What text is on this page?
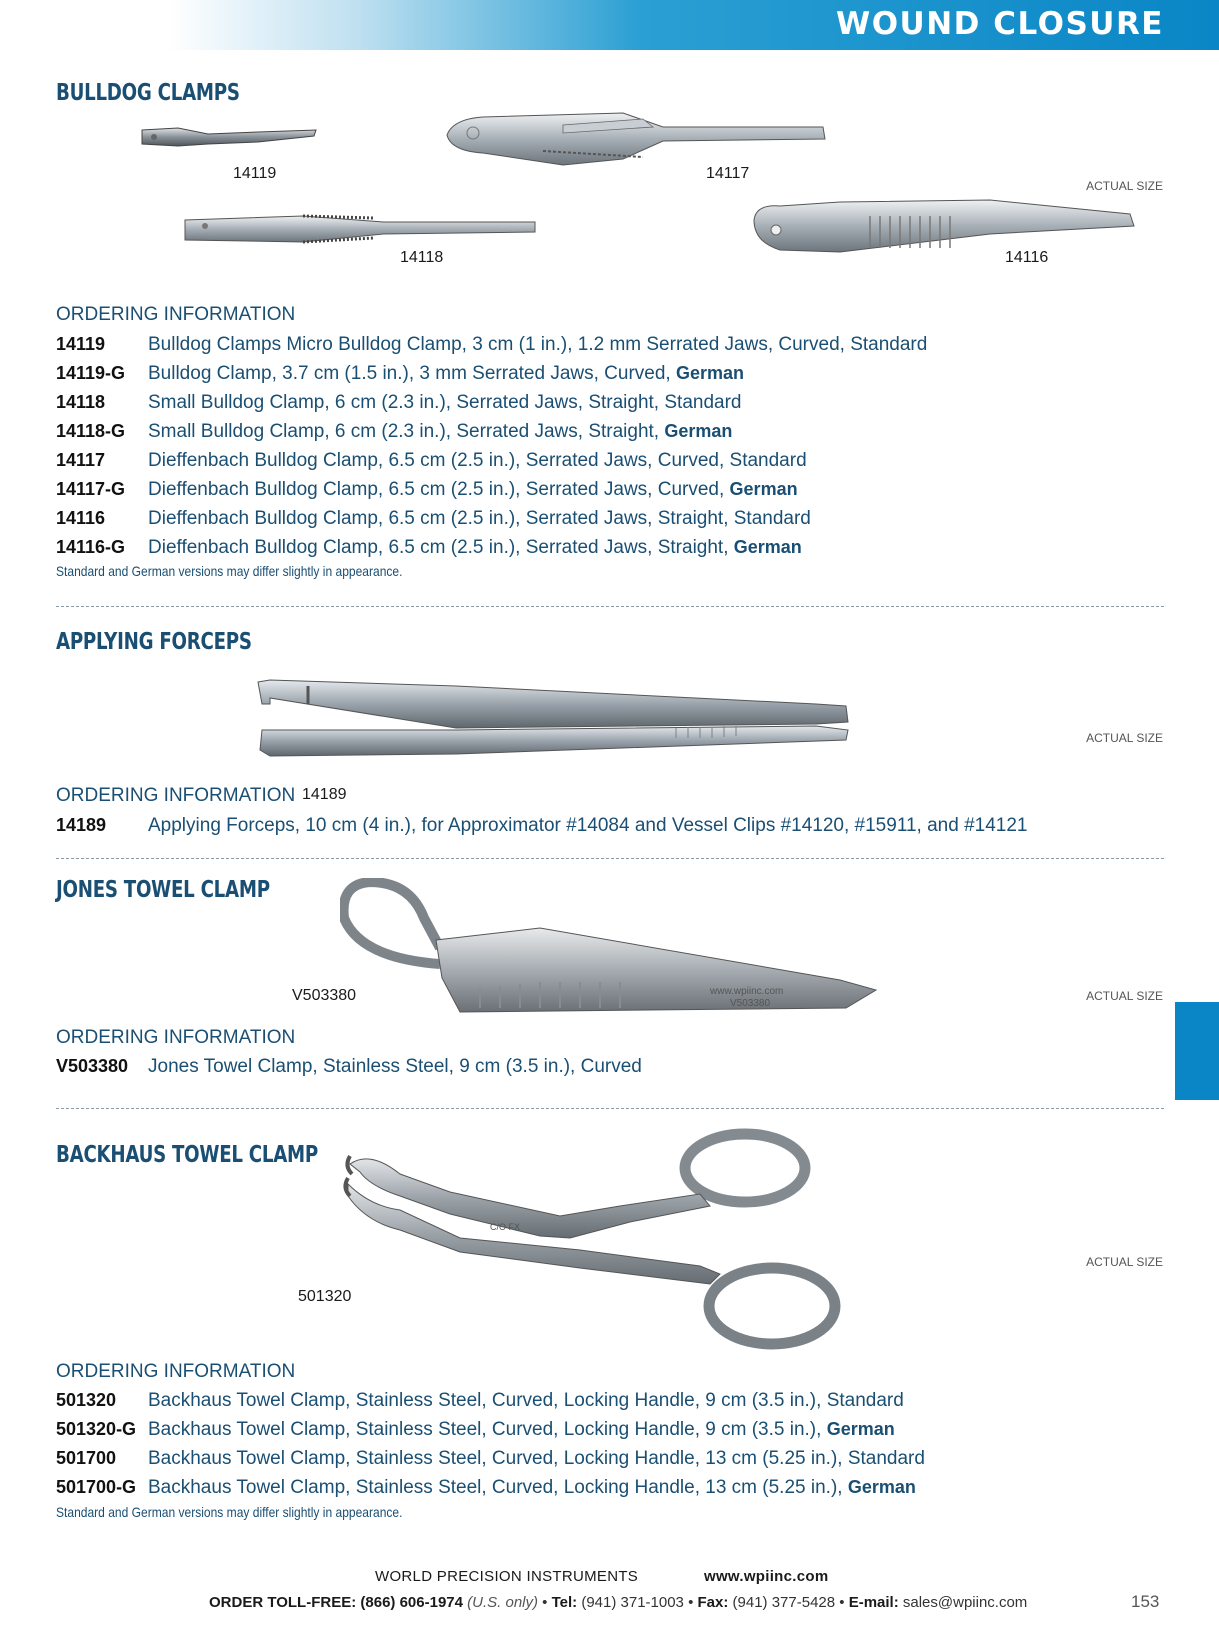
WOUND CLOSURE
BULLDOG CLAMPS
14119	14117
14118	14116
ACTUAL SIZE
ORDERING INFORMATION
14119 Bulldog Clamps Micro Bulldog Clamp, 3 cm (1 in.), 1.2 mm Serrated Jaws, Curved, Standard
14119-G Bulldog Clamp, 3.7 cm (1.5 in.), 3 mm Serrated Jaws, Curved, German
14118 Small Bulldog Clamp, 6 cm (2.3 in.), Serrated Jaws, Straight, Standard
14118-G Small Bulldog Clamp, 6 cm (2.3 in.), Serrated Jaws, Straight, German
14117 Dieffenbach Bulldog Clamp, 6.5 cm (2.5 in.), Serrated Jaws, Curved, Standard
14117-G Dieffenbach Bulldog Clamp, 6.5 cm (2.5 in.), Serrated Jaws, Curved, German
14116 Dieffenbach Bulldog Clamp, 6.5 cm (2.5 in.), Serrated Jaws, Straight, Standard
14116-G Dieffenbach Bulldog Clamp, 6.5 cm (2.5 in.), Serrated Jaws, Straight, German
Standard and German versions may differ slightly in appearance.
APPLYING FORCEPS
ACTUAL SIZE
ORDERING INFORMATION 14189
14189 Applying Forceps, 10 cm (4 in.), for Approximator #14084 and Vessel Clips #14120, #15911, and #14121
JONES TOWEL CLAMP
www.wpiinc.com
V503380
V503380	ACTUAL SIZE
ORDERING INFORMATION
V503380 Jones Towel Clamp, Stainless Steel, 9 cm (3.5 in.), Curved
BACKHAUS TOWEL CLAMP
C/O FX
501320
ACTUAL SIZE
ORDERING INFORMATION
501320 Backhaus Towel Clamp, Stainless Steel, Curved, Locking Handle, 9 cm (3.5 in.), Standard
501320-G Backhaus Towel Clamp, Stainless Steel, Curved, Locking Handle, 9 cm (3.5 in.), German
501700 Backhaus Towel Clamp, Stainless Steel, Curved, Locking Handle, 13 cm (5.25 in.), Standard
501700-G Backhaus Towel Clamp, Stainless Steel, Curved, Locking Handle, 13 cm (5.25 in.), German
Standard and German versions may differ slightly in appearance.
WORLD PRECISION INSTRUMENTS	www.wpiinc.com
ORDER TOLL-FREE: (866) 606-1974 (U.S. only) • Tel: (941) 371-1003 • Fax: (941) 377-5428 • E-mail: sales@wpiinc.com	153
